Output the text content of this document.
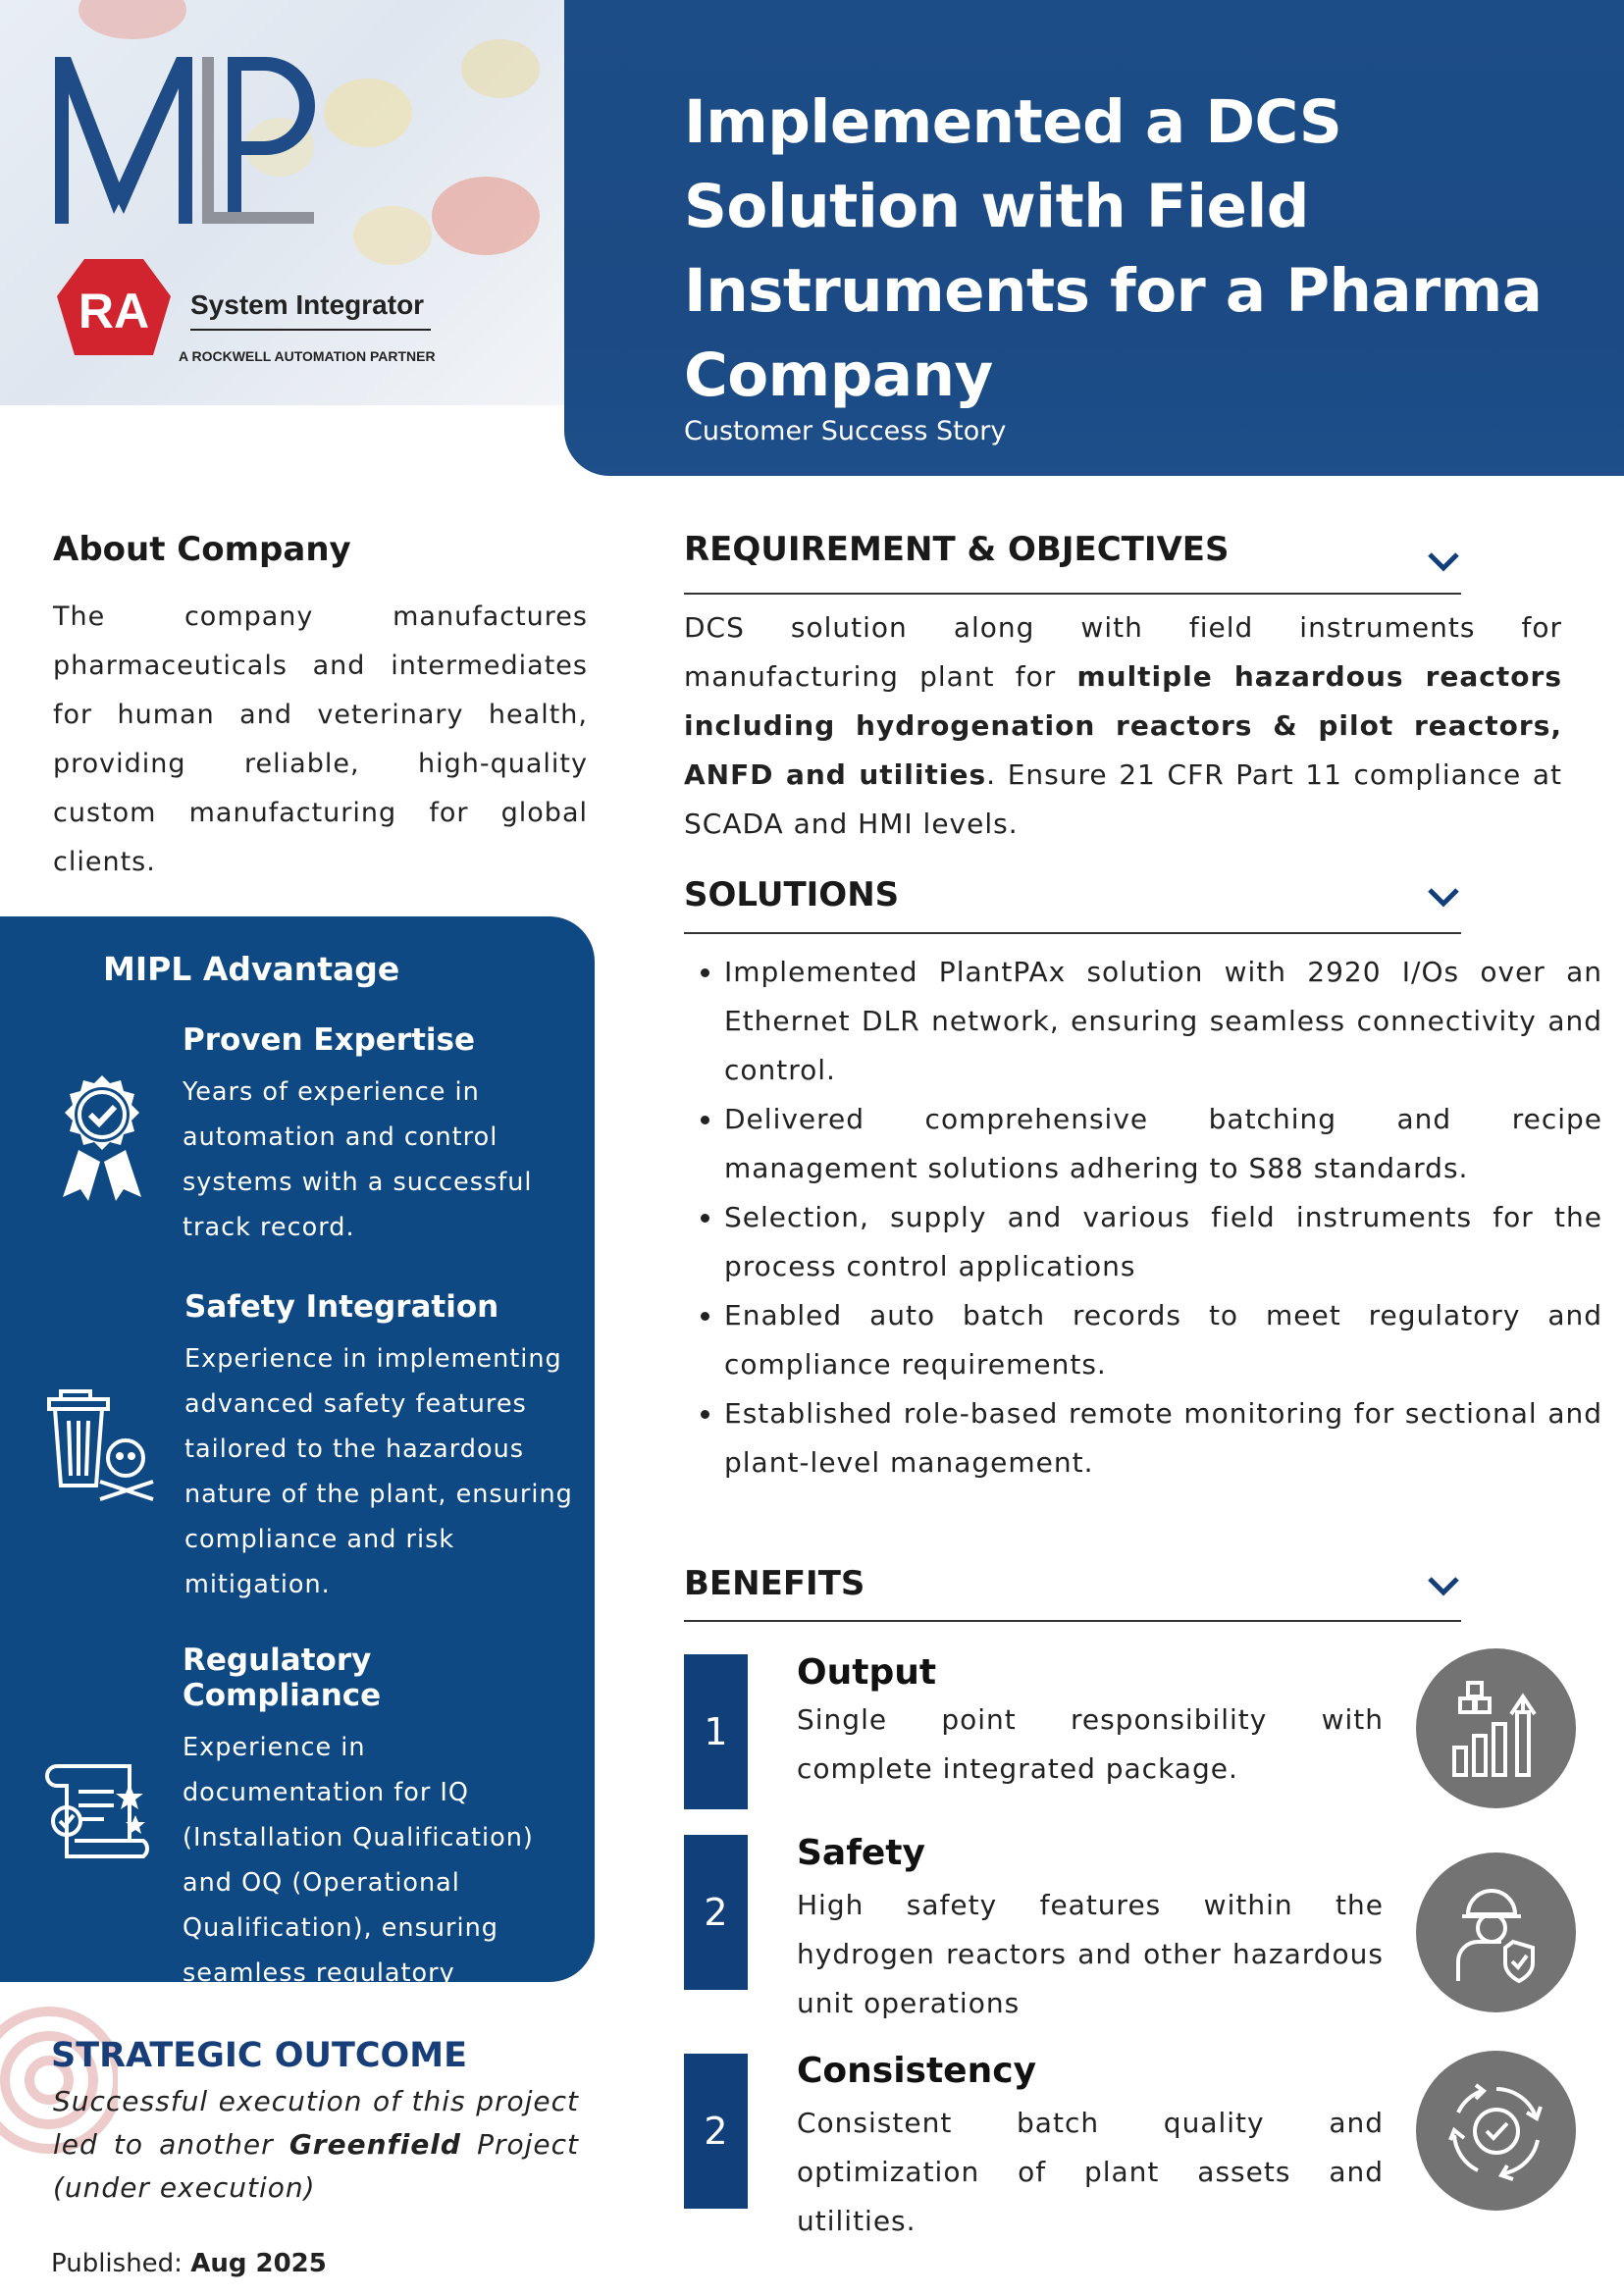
RA System Integrator
A ROCKWELL AUTOMATION PARTNER
Implemented a DCS Solution with Field Instruments for a Pharma Company
Customer Success Story
About Company

The company manufactures pharmaceuticals and intermediates for human and veterinary health, providing reliable, high-quality custom manufacturing for global clients.

MIPL Advantage
Proven Expertise

Years of experience in automation and control systems with a successful track record.

Safety Integration

Experience in implementing advanced safety features tailored to the hazardous nature of the plant, ensuring compliance and risk mitigation.

Regulatory Compliance

Experience in documentation for IQ (Installation Qualification) and OQ (Operational Qualification), ensuring seamless regulatory compliance.

STRATEGIC OUTCOME

Successful execution of this project led to another Greenfield Project (under execution)

Published: Aug 2025
REQUIREMENT & OBJECTIVES

DCS solution along with field instruments for manufacturing plant for multiple hazardous reactors including hydrogenation reactors & pilot reactors, ANFD and utilities. Ensure 21 CFR Part 11 compliance at SCADA and HMI levels.

SOLUTIONS
• Implemented PlantPAx solution with 2920 I/Os over an Ethernet DLR network, ensuring seamless connectivity and control.
• Delivered comprehensive batching and recipe management solutions adhering to S88 standards.
• Selection, supply and various field instruments for the process control applications
• Enabled auto batch records to meet regulatory and compliance requirements.
• Established role-based remote monitoring for sectional and plant-level management.
BENEFITS
1
Output

Single point responsibility with complete integrated package.

2
Safety

High safety features within the hydrogen reactors and other hazardous unit operations

2
Consistency

Consistent batch quality and optimization of plant assets and utilities.
